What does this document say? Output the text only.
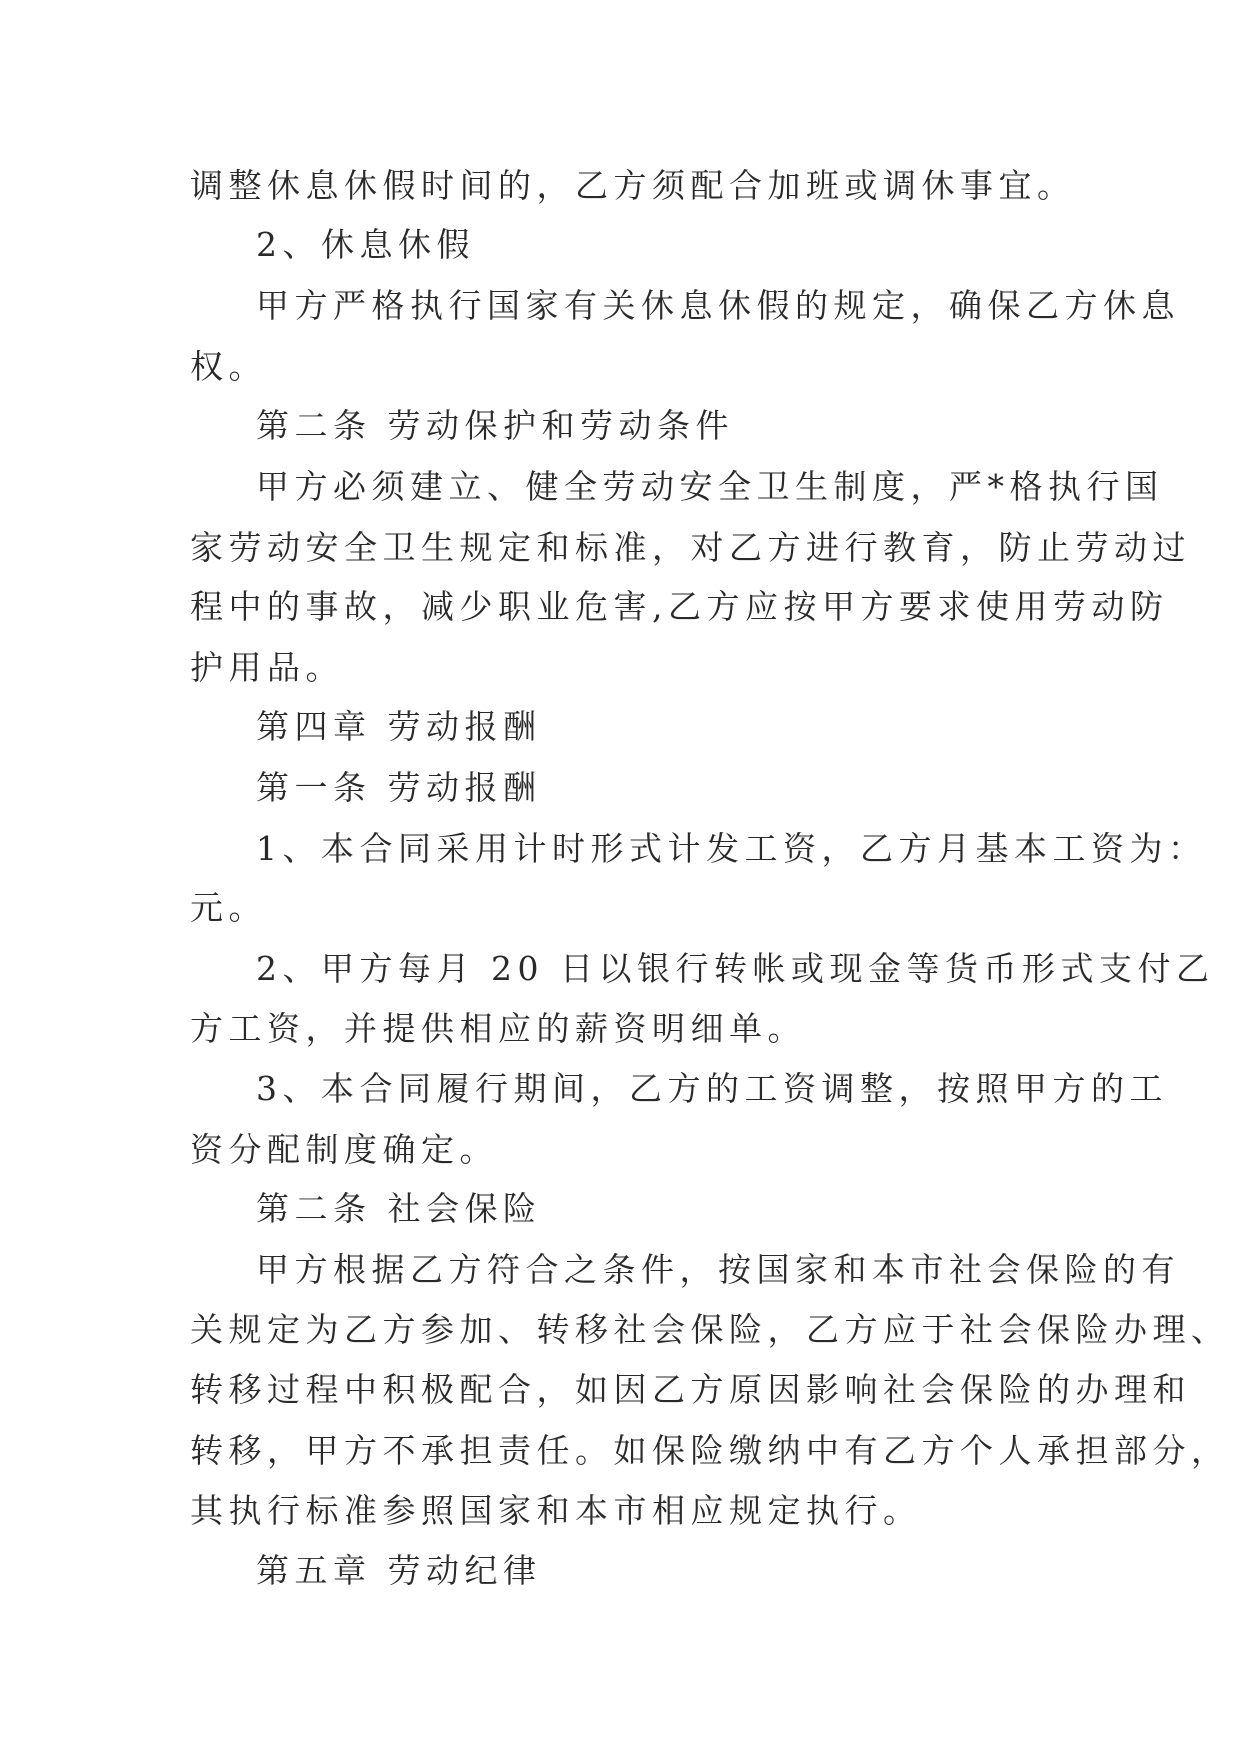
调整休息休假时间的，乙方须配合加班或调休事宜。
2、休息休假
甲方严格执行国家有关休息休假的规定，确保乙方休息
权。
第二条 劳动保护和劳动条件
甲方必须建立、健全劳动安全卫生制度，严*格执行国
家劳动安全卫生规定和标准，对乙方进行教育，防止劳动过
程中的事故，减少职业危害,乙方应按甲方要求使用劳动防
护用品。
第四章 劳动报酬
第一条 劳动报酬
1、本合同采用计时形式计发工资，乙方月基本工资为：
元。
2、甲方每月 20 日以银行转帐或现金等货币形式支付乙
方工资，并提供相应的薪资明细单。
3、本合同履行期间，乙方的工资调整，按照甲方的工
资分配制度确定。
第二条 社会保险
甲方根据乙方符合之条件，按国家和本市社会保险的有
关规定为乙方参加、转移社会保险，乙方应于社会保险办理、
转移过程中积极配合，如因乙方原因影响社会保险的办理和
转移，甲方不承担责任。如保险缴纳中有乙方个人承担部分，
其执行标准参照国家和本市相应规定执行。
第五章 劳动纪律
